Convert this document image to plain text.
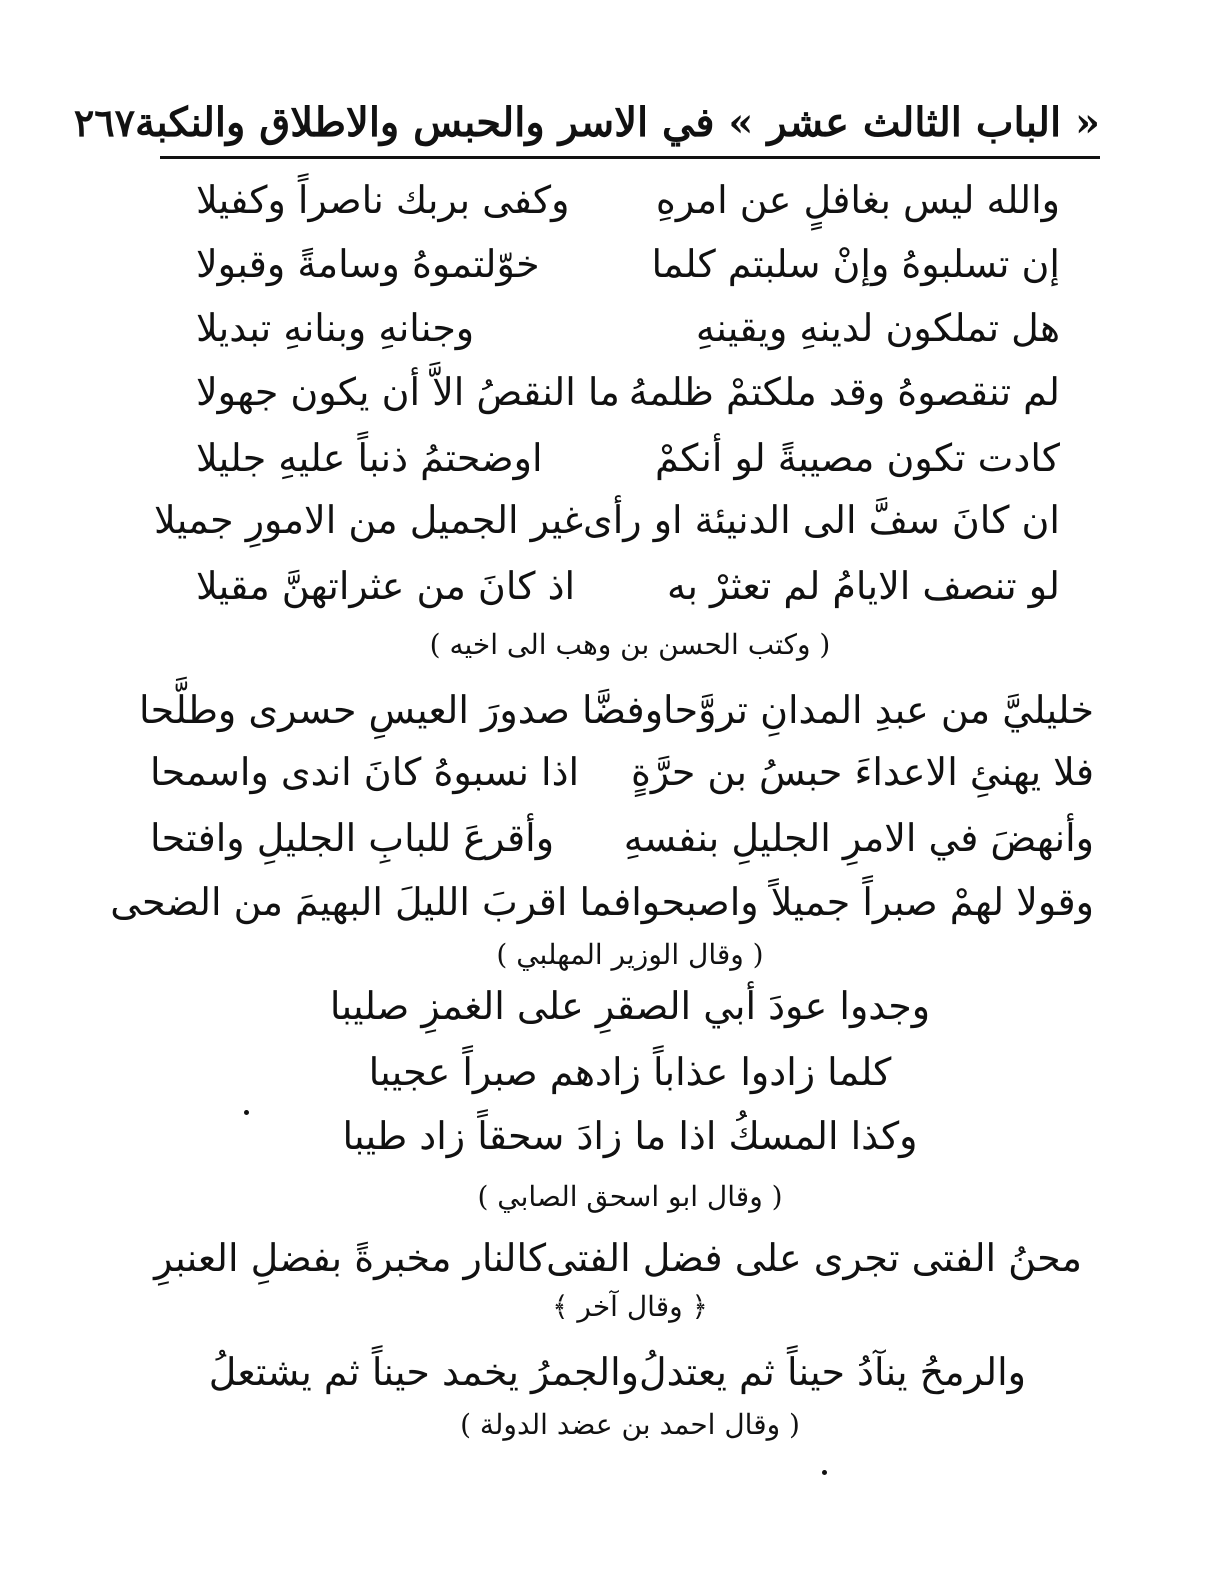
« الباب الثالث عشر » في الاسر والحبس والاطلاق والنكبة
٢٦٧
والله ليس بغافلٍ عن امرهِ
وكفى بربك ناصراً وكفيلا
إن تسلبوهُ وإنْ سلبتم كلما
خوّلتموهُ وسامةً وقبولا
هل تملكون لدينهِ ويقينهِ
وجنانهِ وبنانهِ تبديلا
لم تنقصوهُ وقد ملكتمْ ظلمهُ
ما النقصُ الاَّ أن يكون جهولا
كادت تكون مصيبةً لو أنكمْ
اوضحتمُ ذنباً عليهِ جليلا
ان كانَ سفَّ الى الدنيئة او رأى
غير الجميل من الامورِ جميلا
لو تنصف الايامُ لم تعثرْ به
اذ كانَ من عثراتهنَّ مقيلا
( وكتب الحسن بن وهب الى اخيه )
خليليَّ من عبدِ المدانِ تروَّحا
وفضَّا صدورَ العيسِ حسرى وطلَّحا
فلا يهنئِ الاعداءَ حبسُ بن حرَّةٍ
اذا نسبوهُ كانَ اندى واسمحا
وأنهضَ في الامرِ الجليلِ بنفسهِ
وأقرعَ للبابِ الجليلِ وافتحا
وقولا لهمْ صبراً جميلاً واصبحوا
فما اقربَ الليلَ البهيمَ من الضحى
( وقال الوزير المهلبي )
وجدوا عودَ أبي الصقرِ على الغمزِ صليبا
كلما زادوا عذاباً زادهم صبراً عجيبا
وكذا المسكُ اذا ما زادَ سحقاً زاد طيبا
( وقال ابو اسحق الصابي )
محنُ الفتى تجرى على فضل الفتى
كالنار مخبرةً بفضلِ العنبرِ
﴿ وقال آخر ﴾
والرمحُ ينآدُ حيناً ثم يعتدلُ
والجمرُ يخمد حيناً ثم يشتعلُ
( وقال احمد بن عضد الدولة )
